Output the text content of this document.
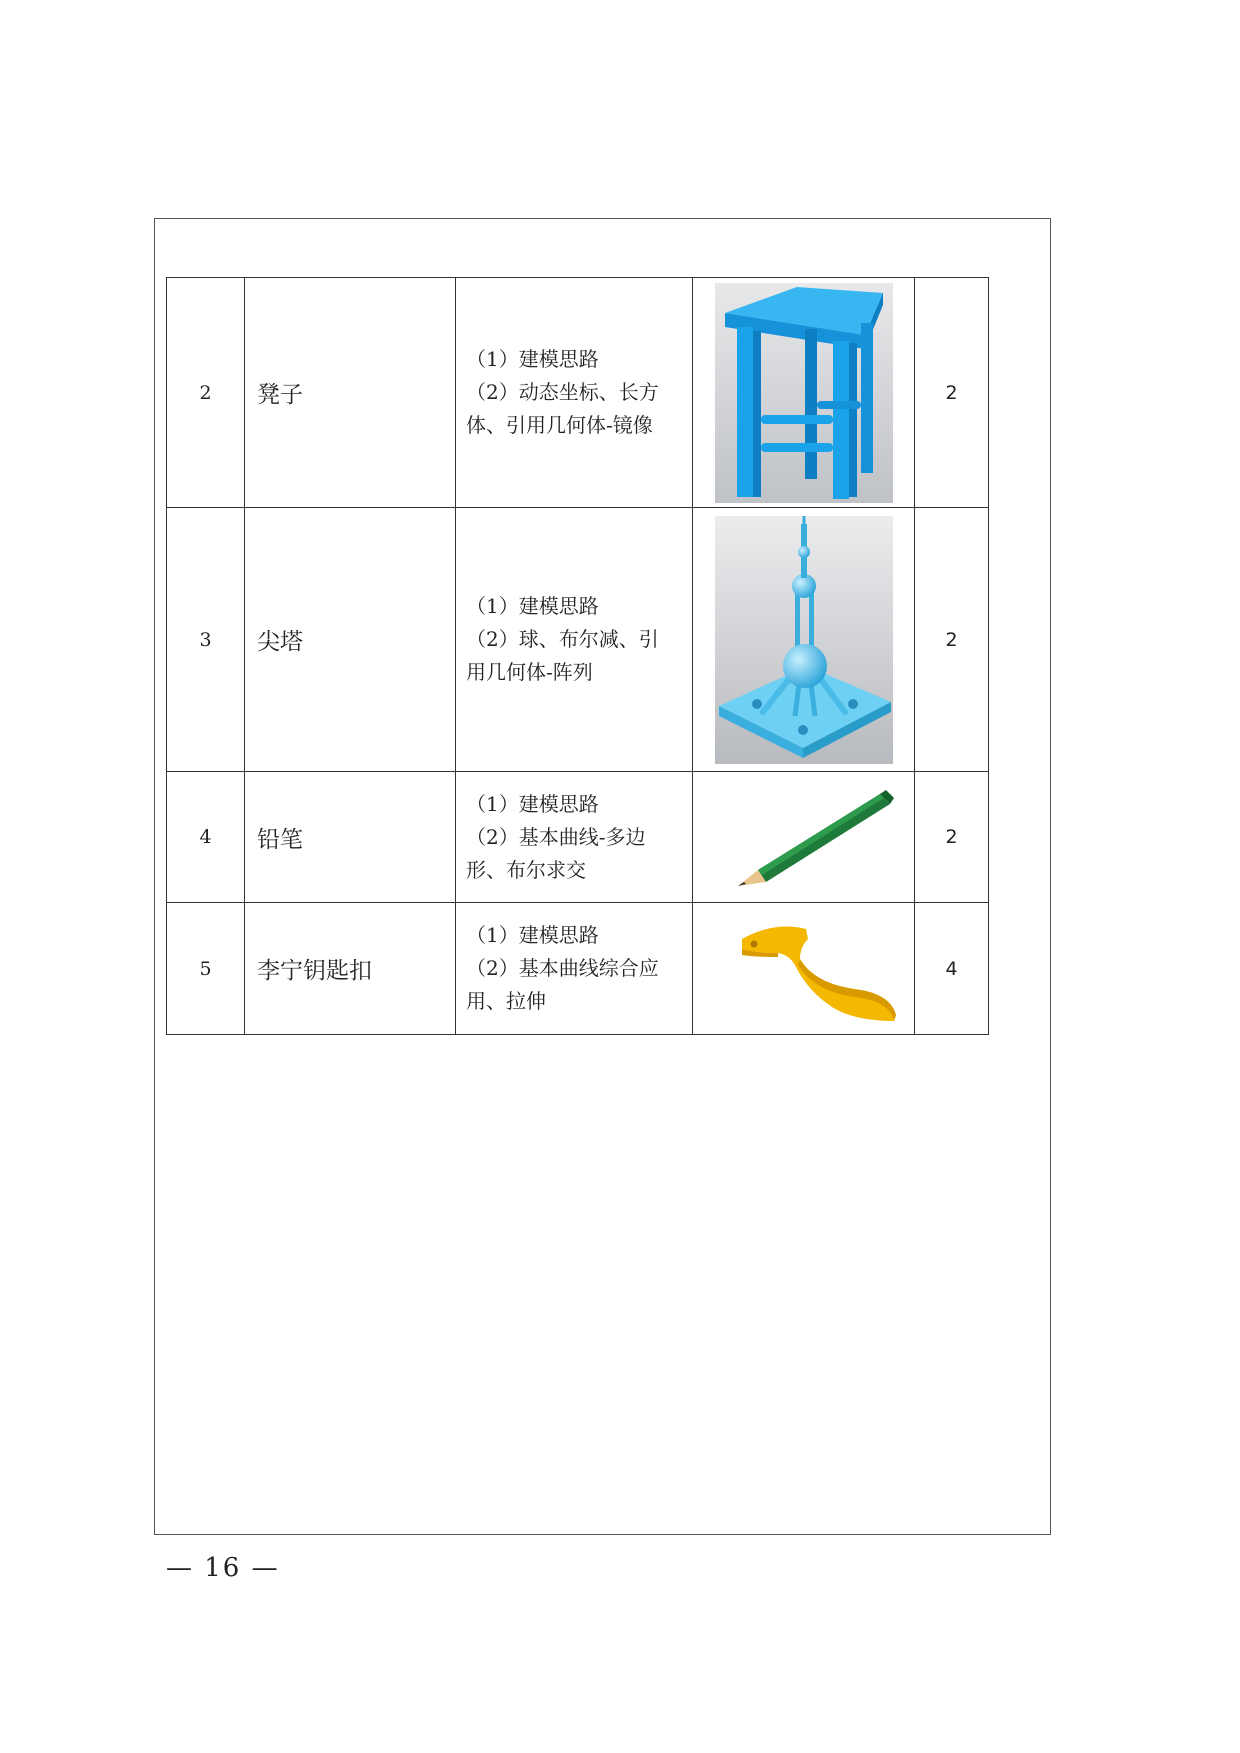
2	凳子	（1）建模思路
（2）动态坐标、长方
体、引用几何体-镜像		2
3	尖塔	（1）建模思路
（2）球、布尔减、引
用几何体-阵列		2
4	铅笔	（1）建模思路
（2）基本曲线-多边
形、布尔求交		2
5	李宁钥匙扣	（1）建模思路
（2）基本曲线综合应
用、拉伸		4
— 16 —
